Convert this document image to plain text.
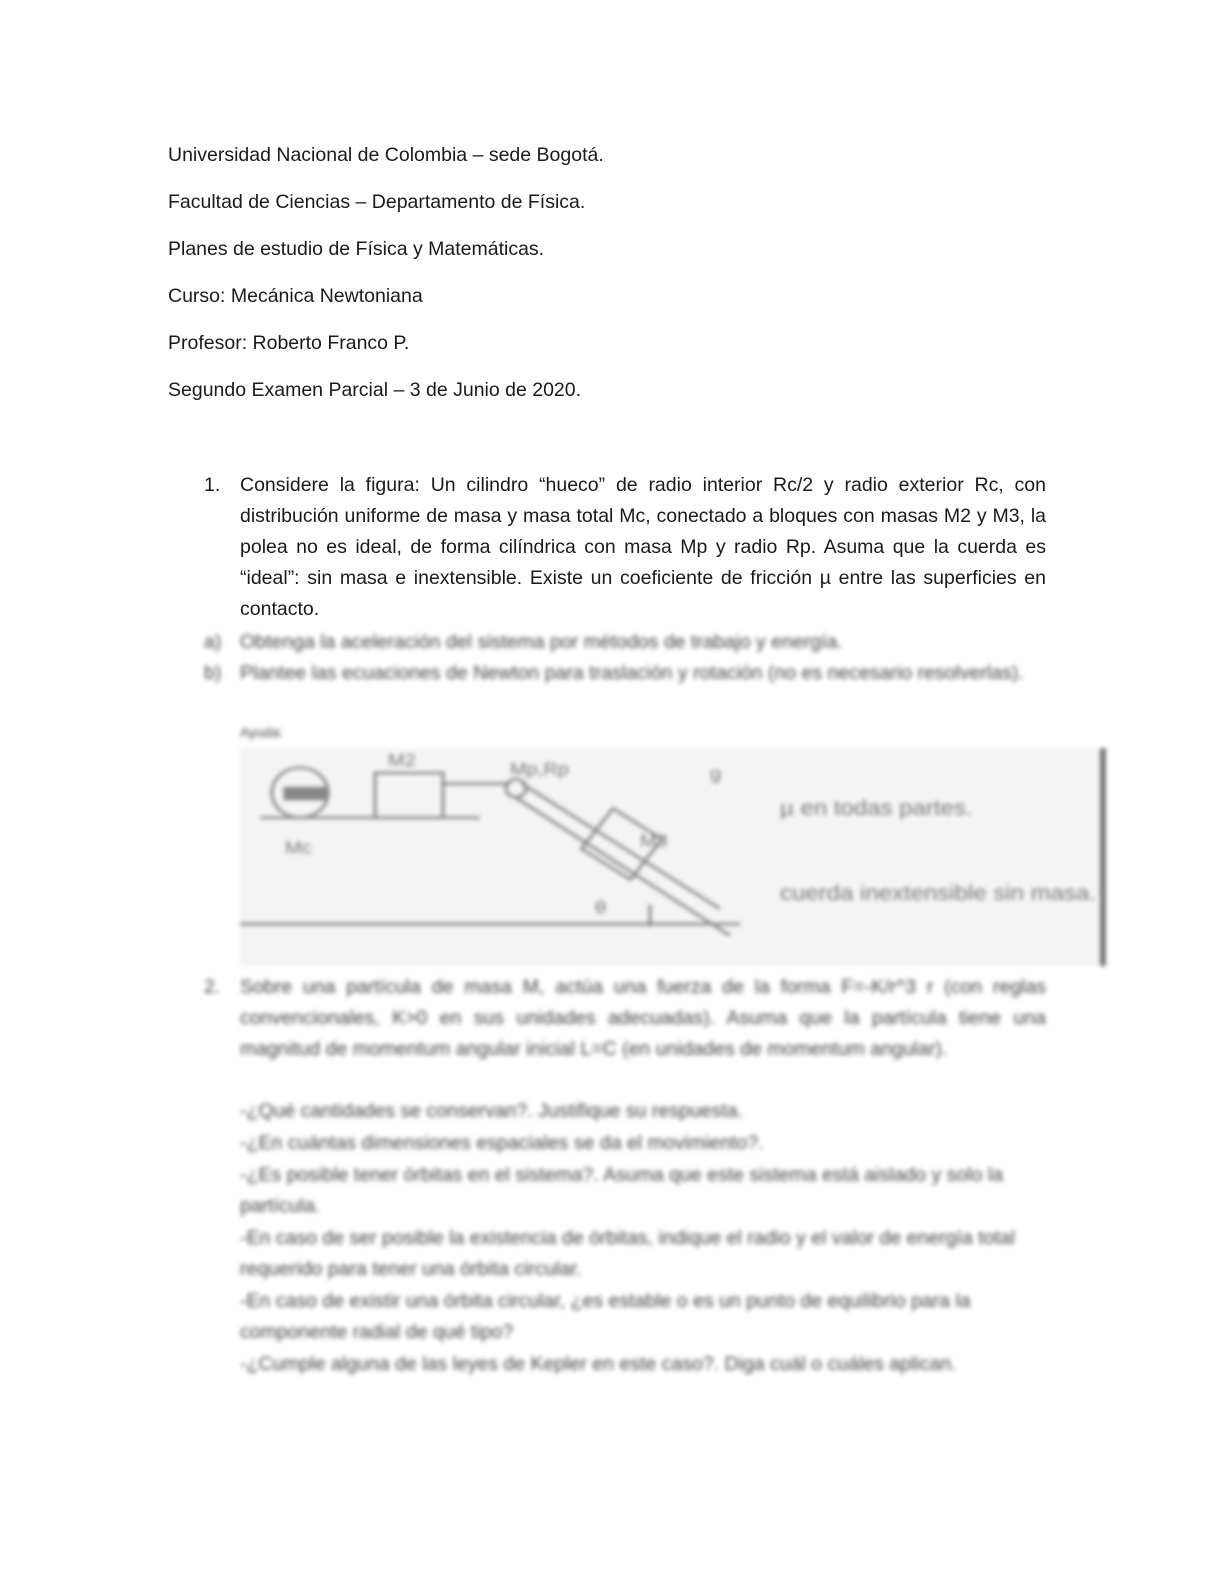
Universidad Nacional de Colombia – sede Bogotá.

Facultad de Ciencias – Departamento de Física.

Planes de estudio de Física y Matemáticas.

Curso: Mecánica Newtoniana

Profesor: Roberto Franco P.

Segundo Examen Parcial – 3 de Junio de 2020.

1. Considere la figura: Un cilindro “hueco” de radio interior Rc/2 y radio exterior Rc, con distribución uniforme de masa y masa total Mc, conectado a bloques con masas M2 y M3, la polea no es ideal, de forma cilíndrica con masa Mp y radio Rp. Asuma que la cuerda es “ideal”: sin masa e inextensible. Existe un coeficiente de fricción µ entre las superficies en contacto.
a) Obtenga la aceleración del sistema por métodos de trabajo y energía.
b) Plantee las ecuaciones de Newton para traslación y rotación (no es necesario resolverlas).
Ayuda:
M2
Mc
Mp,Rp	g
M3
θ
µ en todas partes.
cuerda inextensible sin masa.
2. Sobre una partícula de masa M, actúa una fuerza de la forma F=-K/r^3 r (con reglas convencionales, K>0 en sus unidades adecuadas). Asuma que la partícula tiene una magnitud de momentum angular inicial L=C (en unidades de momentum angular).
-¿Qué cantidades se conservan?. Justifique su respuesta.
-¿En cuántas dimensiones espaciales se da el movimiento?.
-¿Es posible tener órbitas en el sistema?. Asuma que este sistema está aislado y solo la partícula.
-En caso de ser posible la existencia de órbitas, indique el radio y el valor de energía total requerido para tener una órbita circular.
-En caso de existir una órbita circular, ¿es estable o es un punto de equilibrio para la componente radial de qué tipo?
-¿Cumple alguna de las leyes de Kepler en este caso?. Diga cuál o cuáles aplican.
